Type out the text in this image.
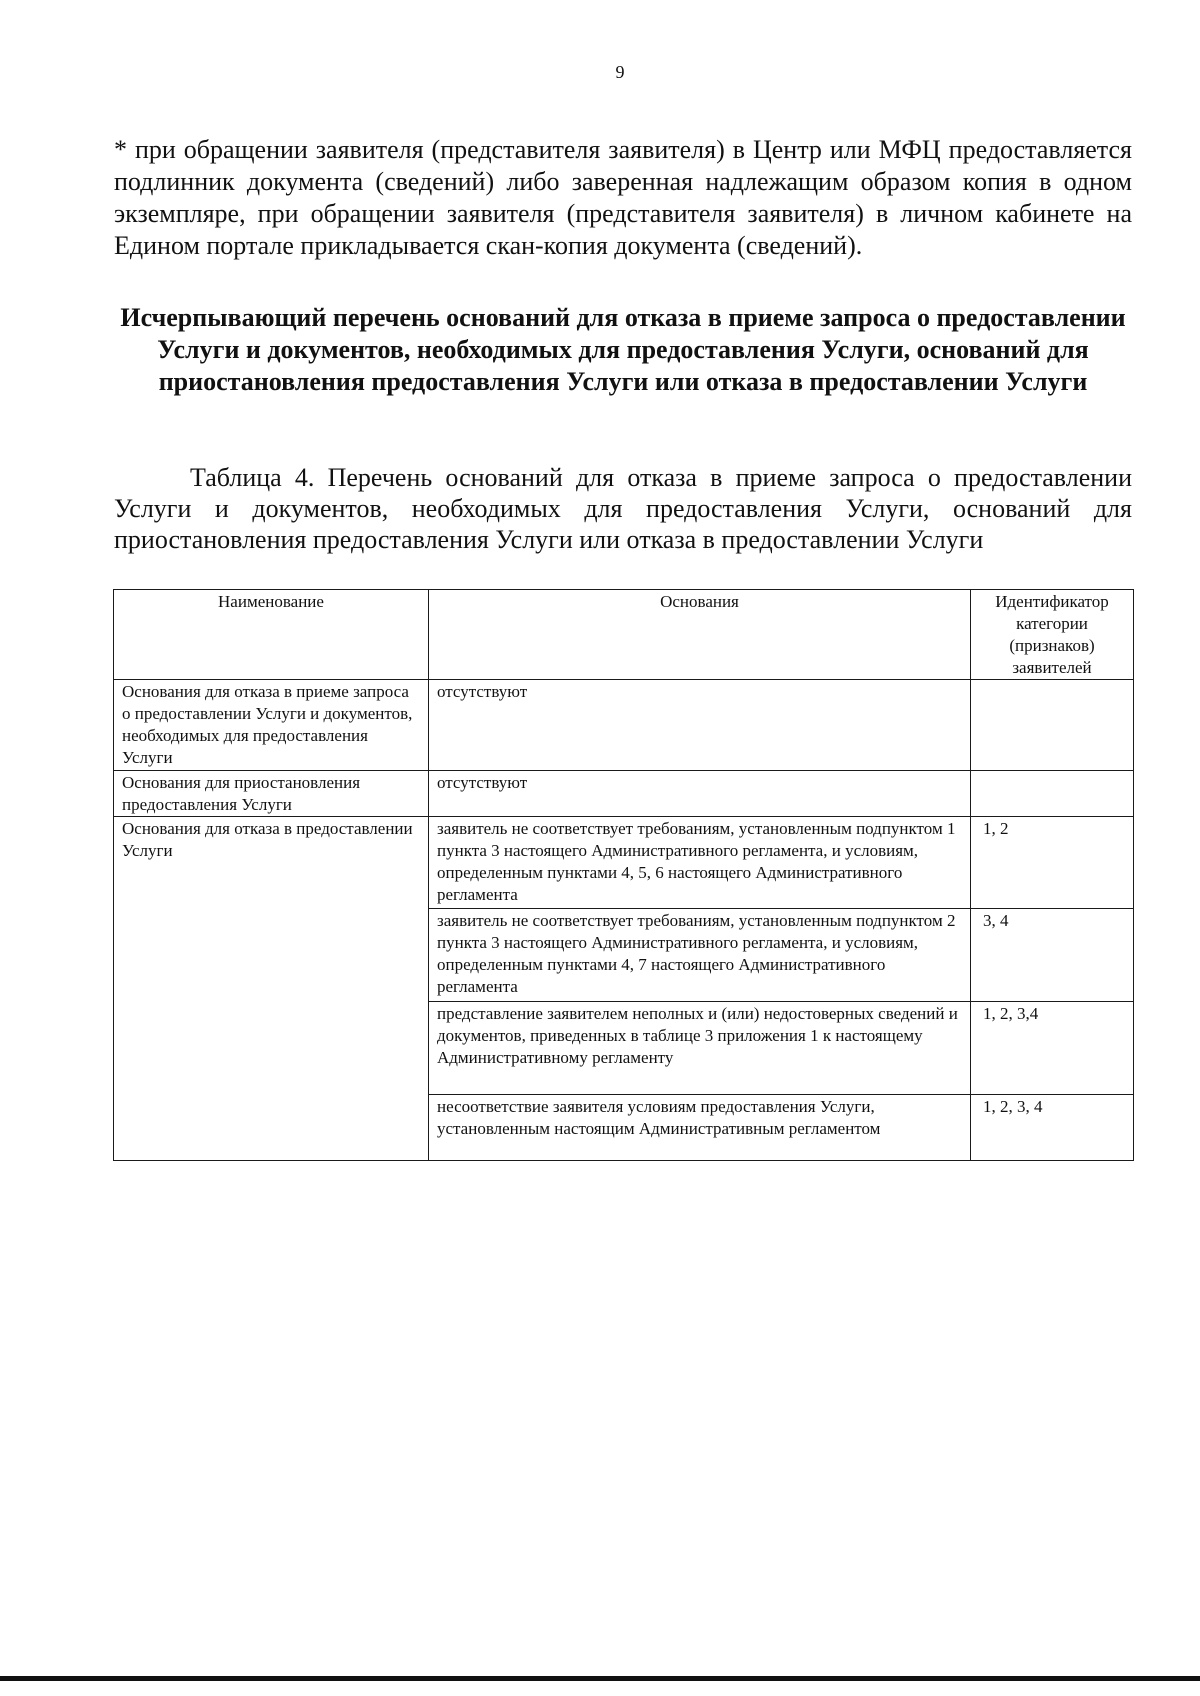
9

* при обращении заявителя (представителя заявителя) в Центр или МФЦ предоставляется подлинник документа (сведений) либо заверенная надлежащим образом копия в одном экземпляре, при обращении заявителя (представителя заявителя) в личном кабинете на Едином портале прикладывается скан-копия документа (сведений).

Исчерпывающий перечень оснований для отказа в приеме запроса о предоставлении Услуги и документов, необходимых для предоставления Услуги, оснований для приостановления предоставления Услуги или отказа в предоставлении Услуги
Таблица 4. Перечень оснований для отказа в приеме запроса о предоставлении Услуги и документов, необходимых для предоставления Услуги, оснований для приостановления предоставления Услуги или отказа в предоставлении Услуги
Наименование	Основания	Идентификатор категории (признаков) заявителей
Основания для отказа в приеме запроса о предоставлении Услуги и документов, необходимых для предоставления Услуги	отсутствуют	
Основания для приостановления предоставления Услуги	отсутствуют	
Основания для отказа в предоставлении Услуги	заявитель не соответствует требованиям, установленным подпунктом 1 пункта 3 настоящего Административного регламента, и условиям, определенным пунктами 4, 5, 6 настоящего Административного регламента	1, 2
	заявитель не соответствует требованиям, установленным подпунктом 2 пункта 3 настоящего Административного регламента, и условиям, определенным пунктами 4, 7 настоящего Административного регламента	3, 4
	представление заявителем неполных и (или) недостоверных сведений и документов, приведенных в таблице 3 приложения 1 к настоящему Административному регламенту	1, 2, 3,4
	несоответствие заявителя условиям предоставления Услуги, установленным настоящим Административным регламентом	1, 2, 3, 4
